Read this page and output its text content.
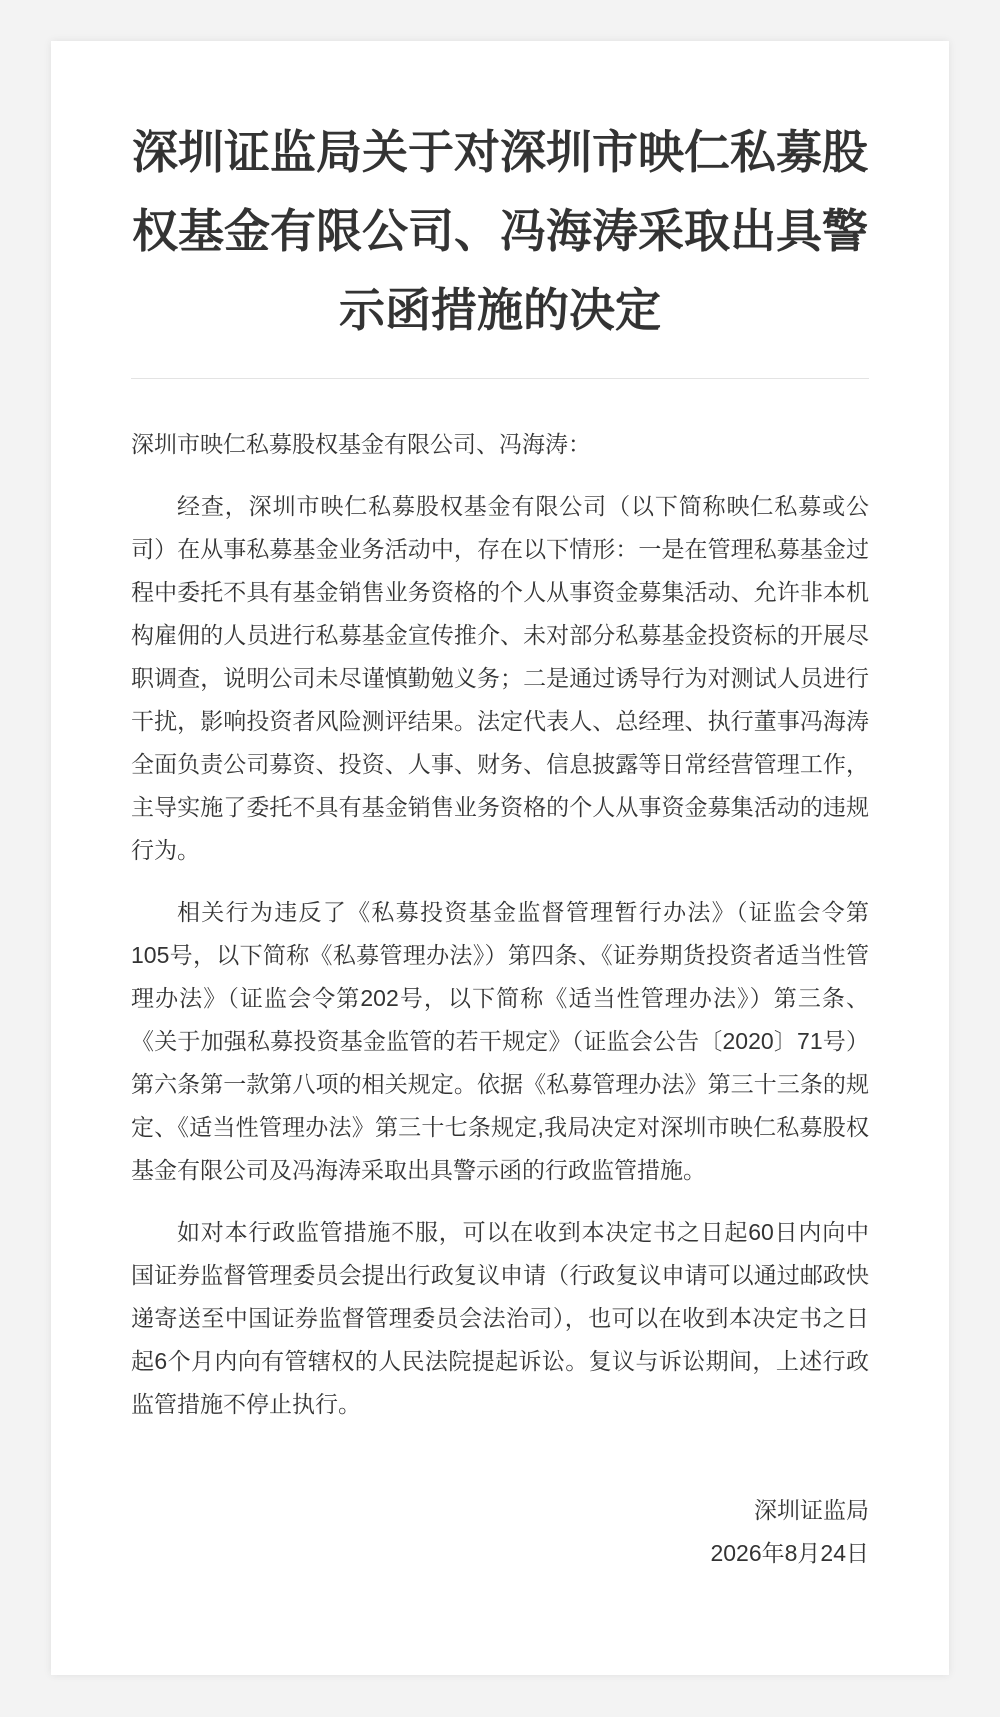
深圳证监局关于对深圳市映仁私募股权基金有限公司、冯海涛采取出具警示函措施的决定

深圳市映仁私募股权基金有限公司、冯海涛：

经查，深圳市映仁私募股权基金有限公司（以下简称映仁私募或公司）在从事私募基金业务活动中，存在以下情形：一是在管理私募基金过程中委托不具有基金销售业务资格的个人从事资金募集活动、允许非本机构雇佣的人员进行私募基金宣传推介、未对部分私募基金投资标的开展尽职调查，说明公司未尽谨慎勤勉义务；二是通过诱导行为对测试人员进行干扰，影响投资者风险测评结果。法定代表人、总经理、执行董事冯海涛全面负责公司募资、投资、人事、财务、信息披露等日常经营管理工作，主导实施了委托不具有基金销售业务资格的个人从事资金募集活动的违规行为。

相关行为违反了《私募投资基金监督管理暂行办法》（证监会令第105号，以下简称《私募管理办法》）第四条、《证券期货投资者适当性管理办法》（证监会令第202号，以下简称《适当性管理办法》）第三条、《关于加强私募投资基金监管的若干规定》（证监会公告〔2020〕71号）第六条第一款第八项的相关规定。依据《私募管理办法》第三十三条的规定、《适当性管理办法》第三十七条规定,我局决定对深圳市映仁私募股权基金有限公司及冯海涛采取出具警示函的行政监管措施。

如对本行政监管措施不服，可以在收到本决定书之日起60日内向中国证券监督管理委员会提出行政复议申请（行政复议申请可以通过邮政快递寄送至中国证券监督管理委员会法治司），也可以在收到本决定书之日起6个月内向有管辖权的人民法院提起诉讼。复议与诉讼期间，上述行政监管措施不停止执行。

深圳证监局
2026年8月24日
